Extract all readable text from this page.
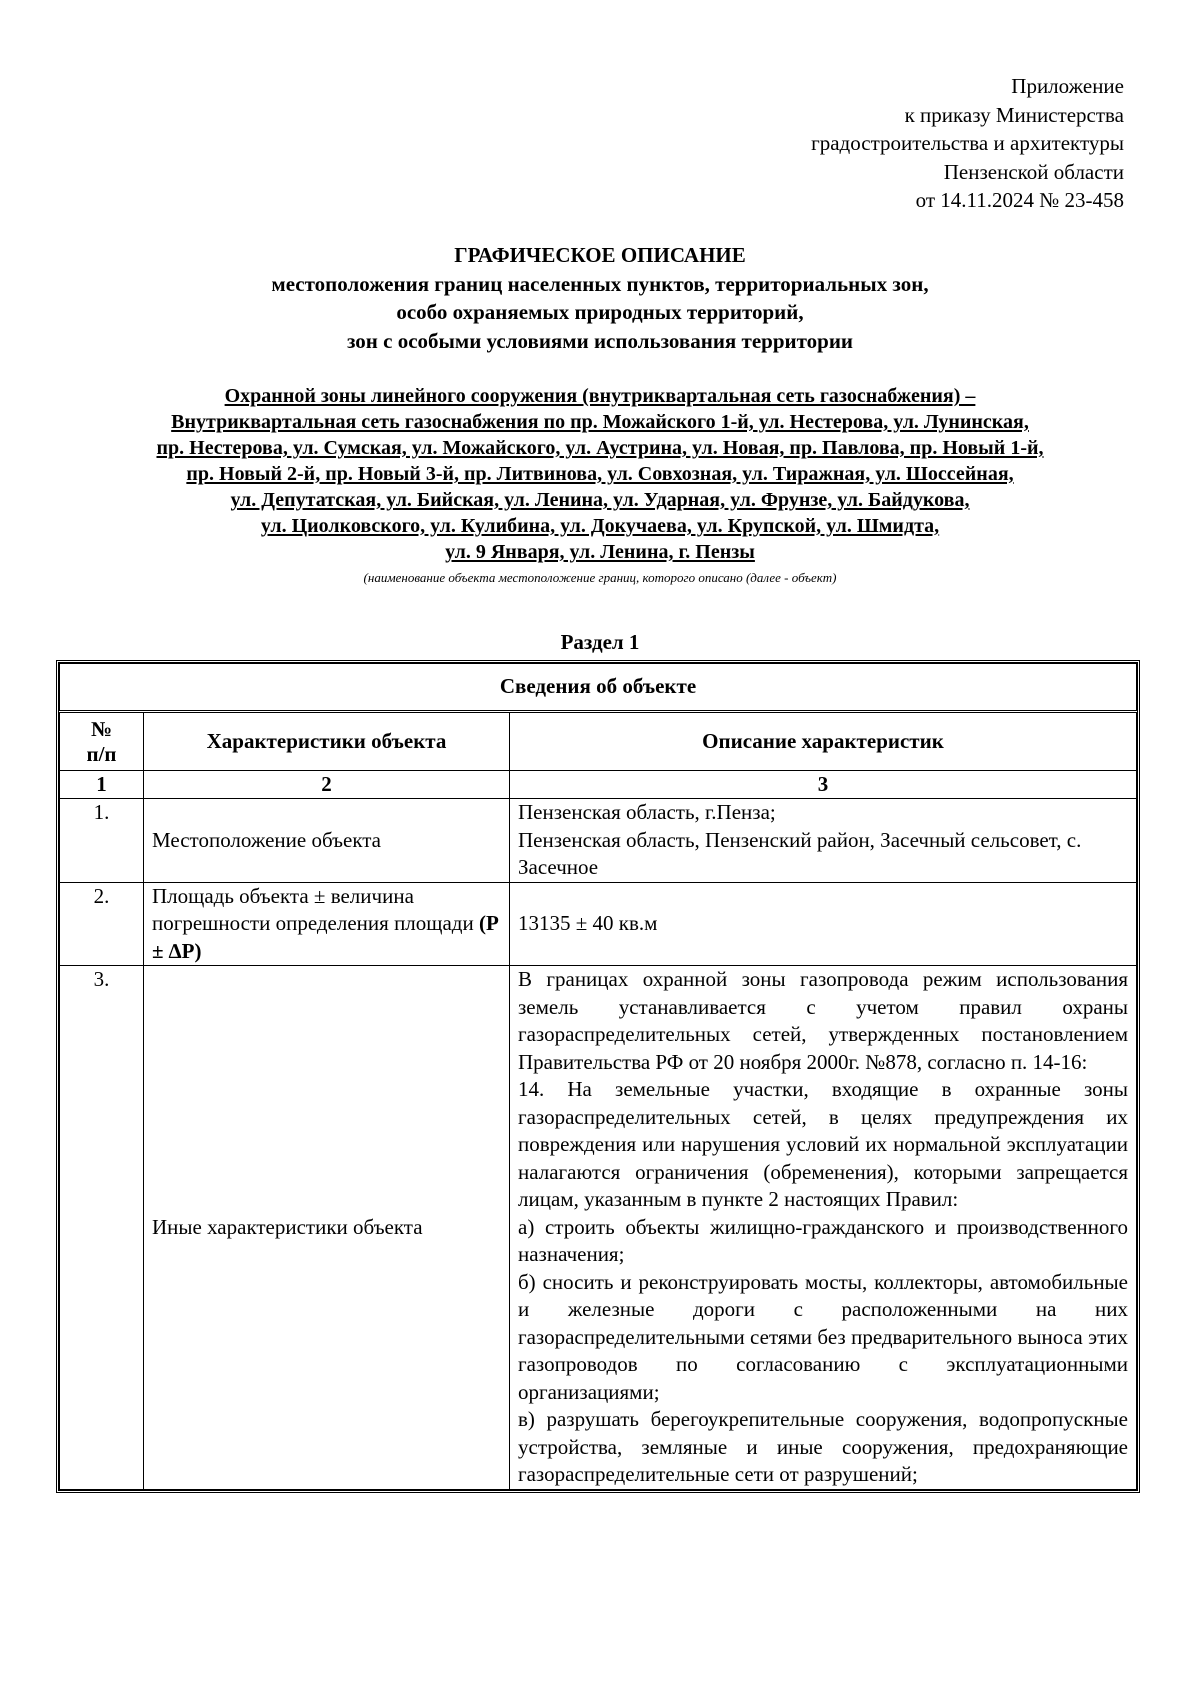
Приложение
к приказу Министерства
градостроительства и архитектуры
Пензенской области
от 14.11.2024 № 23-458
ГРАФИЧЕСКОЕ ОПИСАНИЕ
местоположения границ населенных пунктов, территориальных зон,
особо охраняемых природных территорий,
зон с особыми условиями использования территории
Охранной зоны линейного сооружения (внутриквартальная сеть газоснабжения) –
Внутриквартальная сеть газоснабжения по пр. Можайского 1-й, ул. Нестерова, ул. Лунинская,
пр. Нестерова, ул. Сумская, ул. Можайского, ул. Аустрина, ул. Новая, пр. Павлова, пр. Новый 1-й,
пр. Новый 2-й, пр. Новый 3-й, пр. Литвинова, ул. Совхозная, ул. Тиражная, ул. Шоссейная,
ул. Депутатская, ул. Бийская, ул. Ленина, ул. Ударная, ул. Фрунзе, ул. Байдукова,
ул. Циолковского, ул. Кулибина, ул. Докучаева, ул. Крупской, ул. Шмидта,
ул. 9 Января, ул. Ленина, г. Пензы
(наименование объекта местоположение границ, которого описано (далее - объект)
Раздел 1
Сведения об объекте		
№ п/п	Характеристики объекта	Описание характеристик
1	2	3
1.	Местоположение объекта	Пензенская область, г.Пенза;

Пензенская область, Пензенский район, Засечный сельсовет, с. Засечное

2.	Площадь объекта ± величина погрешности определения площади (Р ± ∆Р)	13135 ± 40 кв.м
3.	Иные характеристики объекта	В границах охранной зоны газопровода режим использования земель устанавливается с учетом правил охраны газораспределительных сетей, утвержденных постановлением Правительства РФ от 20 ноября 2000г. №878, согласно п. 14-16:

14. На земельные участки, входящие в охранные зоны газораспределительных сетей, в целях предупреждения их повреждения или нарушения условий их нормальной эксплуатации налагаются ограничения (обременения), которыми запрещается лицам, указанным в пункте 2 настоящих Правил:

а) строить объекты жилищно-гражданского и производственного назначения;

б) сносить и реконструировать мосты, коллекторы, автомобильные и железные дороги с расположенными на них газораспределительными сетями без предварительного выноса этих газопроводов по согласованию с эксплуатационными организациями;

в) разрушать берегоукрепительные сооружения, водопропускные устройства, земляные и иные сооружения, предохраняющие газораспределительные сети от разрушений;
